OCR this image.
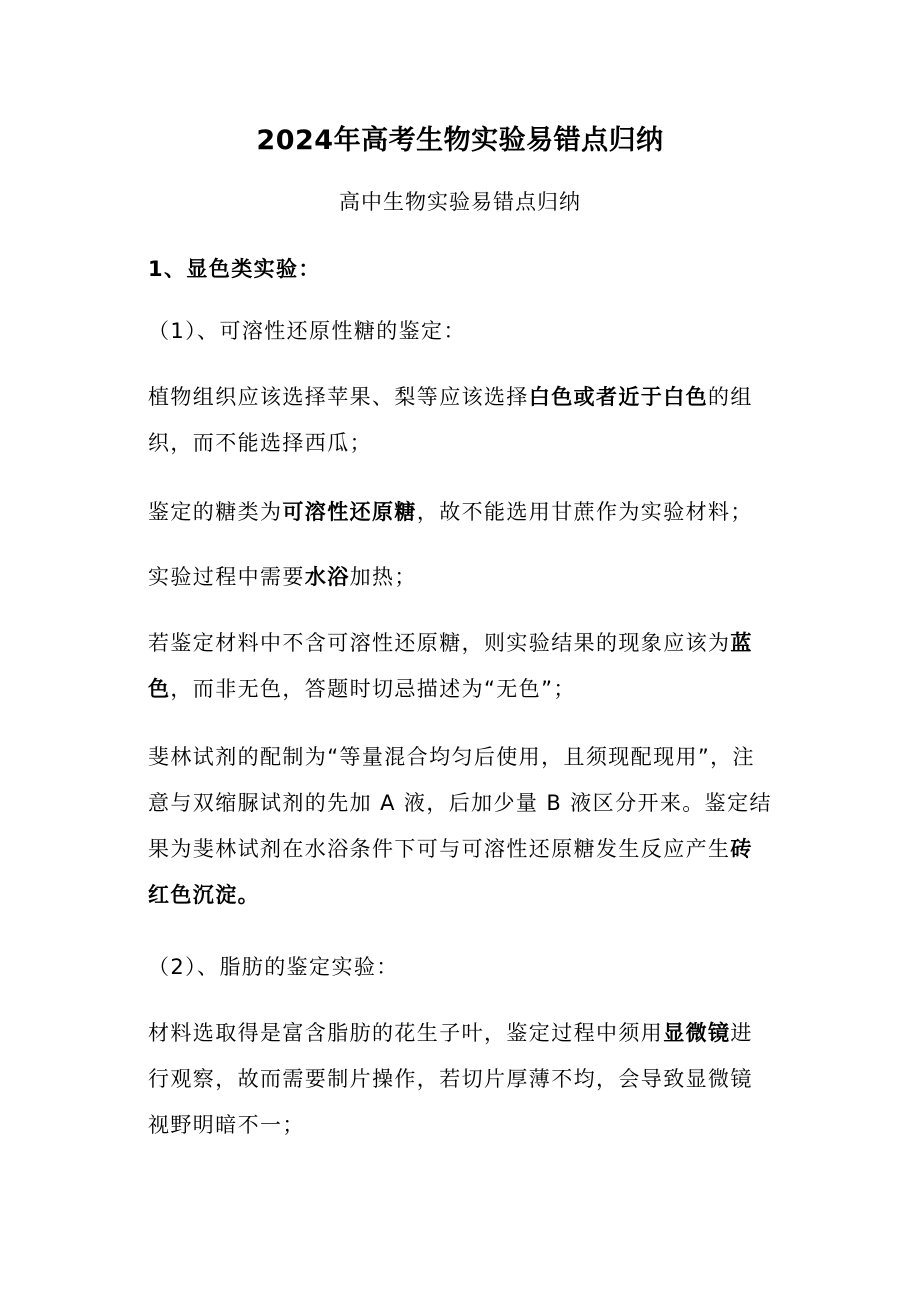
2024年高考生物实验易错点归纳
高中生物实验易错点归纳
1、显色类实验：
（1）、可溶性还原性糖的鉴定：
植物组织应该选择苹果、梨等应该选择白色或者近于白色的组织，而不能选择西瓜；
鉴定的糖类为可溶性还原糖，故不能选用甘蔗作为实验材料；
实验过程中需要水浴加热；
若鉴定材料中不含可溶性还原糖，则实验结果的现象应该为蓝色，而非无色，答题时切忌描述为“无色”；
斐林试剂的配制为“等量混合均匀后使用，且须现配现用”，注意与双缩脲试剂的先加 A 液，后加少量 B 液区分开来。鉴定结果为斐林试剂在水浴条件下可与可溶性还原糖发生反应产生砖红色沉淀。
（2）、脂肪的鉴定实验：
材料选取得是富含脂肪的花生子叶，鉴定过程中须用显微镜进行观察，故而需要制片操作，若切片厚薄不均，会导致显微镜视野明暗不一；
